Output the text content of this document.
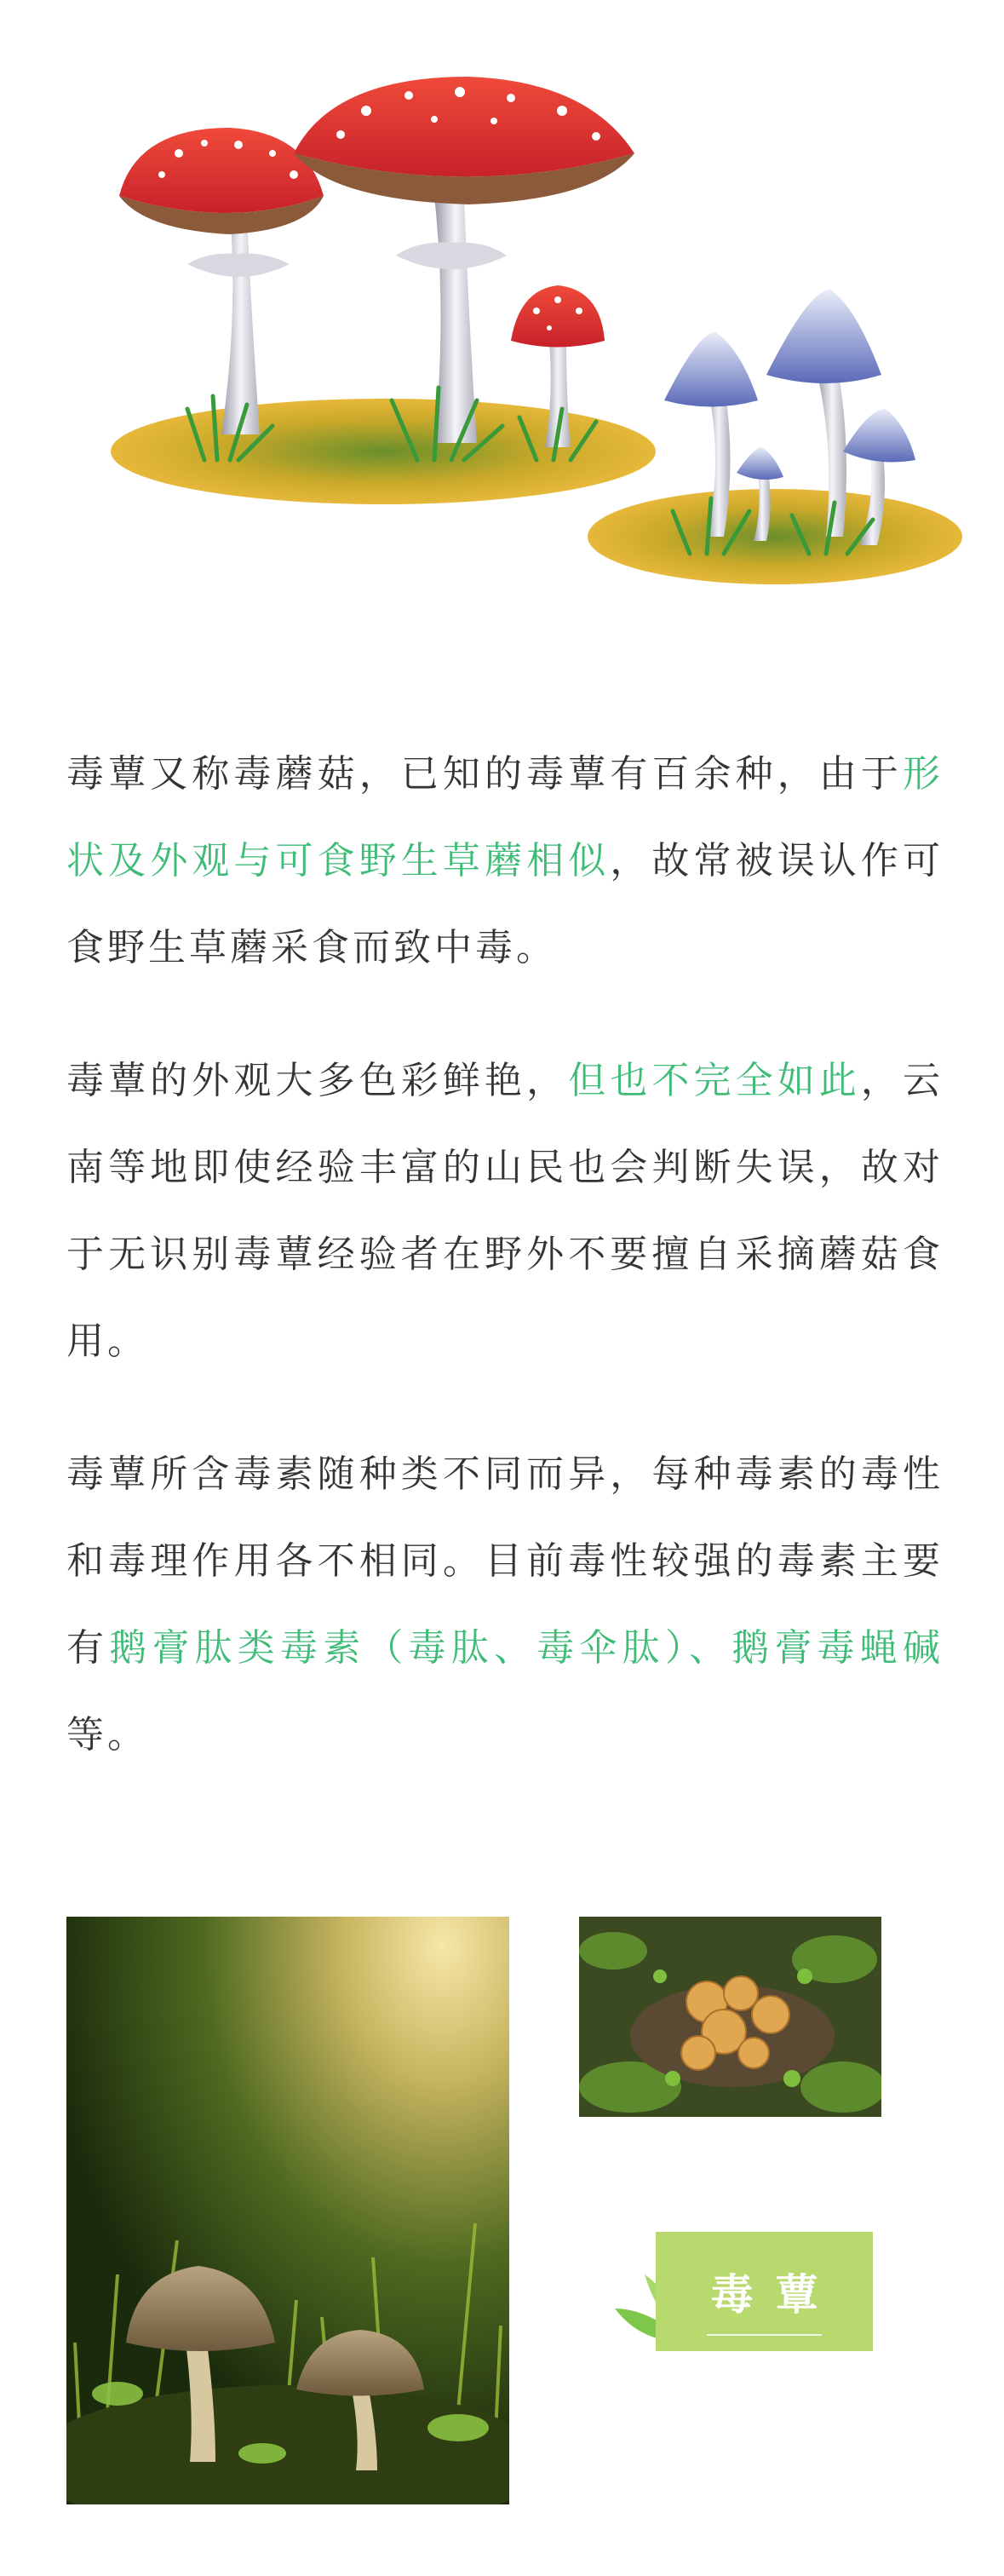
毒蕈又称毒蘑菇，已知的毒蕈有百余种，由于形状及外观与可食野生草蘑相似，故常被误认作可食野生草蘑采食而致中毒。

毒蕈的外观大多色彩鲜艳，但也不完全如此，云南等地即使经验丰富的山民也会判断失误，故对于无识别毒蕈经验者在野外不要擅自采摘蘑菇食用。

毒蕈所含毒素随种类不同而异，每种毒素的毒性和毒理作用各不相同。目前毒性较强的毒素主要有鹅膏肽类毒素（毒肽、毒伞肽）、鹅膏毒蝇碱等。

毒蕈
